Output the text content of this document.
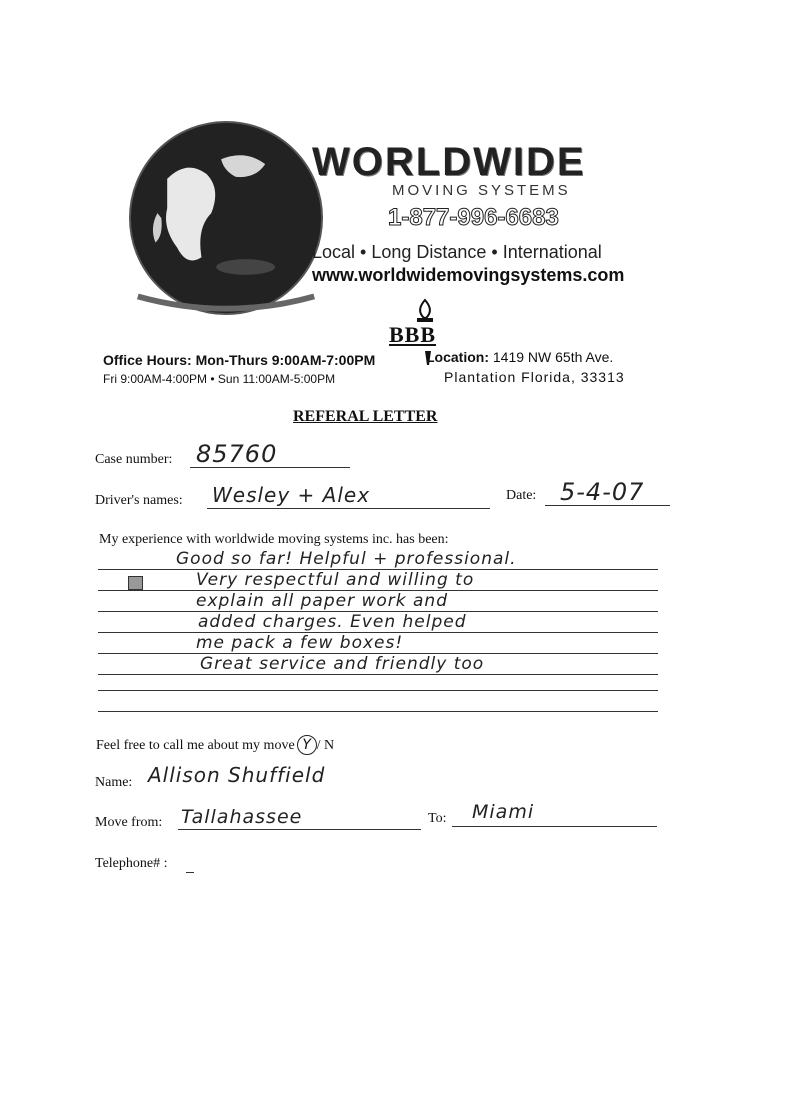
WORLDWIDE
MOVING SYSTEMS
1-877-996-6683
Local • Long Distance • International
www.worldwidemovingsystems.com
BBB
Office Hours: Mon-Thurs 9:00AM-7:00PM
Fri 9:00AM-4:00PM • Sun 11:00AM-5:00PM
Location: 1419 NW 65th Ave.
Plantation Florida, 33313
REFERAL LETTER
Case number: 85760
Driver's names: Wesley + Alex	Date: 5-4-07
My experience with worldwide moving systems inc. has been:
Good so far! Helpful + professional.
Very respectful and willing to
explain all paper work and
added charges. Even helped
me pack a few boxes!
Great service and friendly too
Feel free to call me about my move Y / N
Name: Allison Shuffield
Move from: Tallahassee	To: Miami
Telephone# :
